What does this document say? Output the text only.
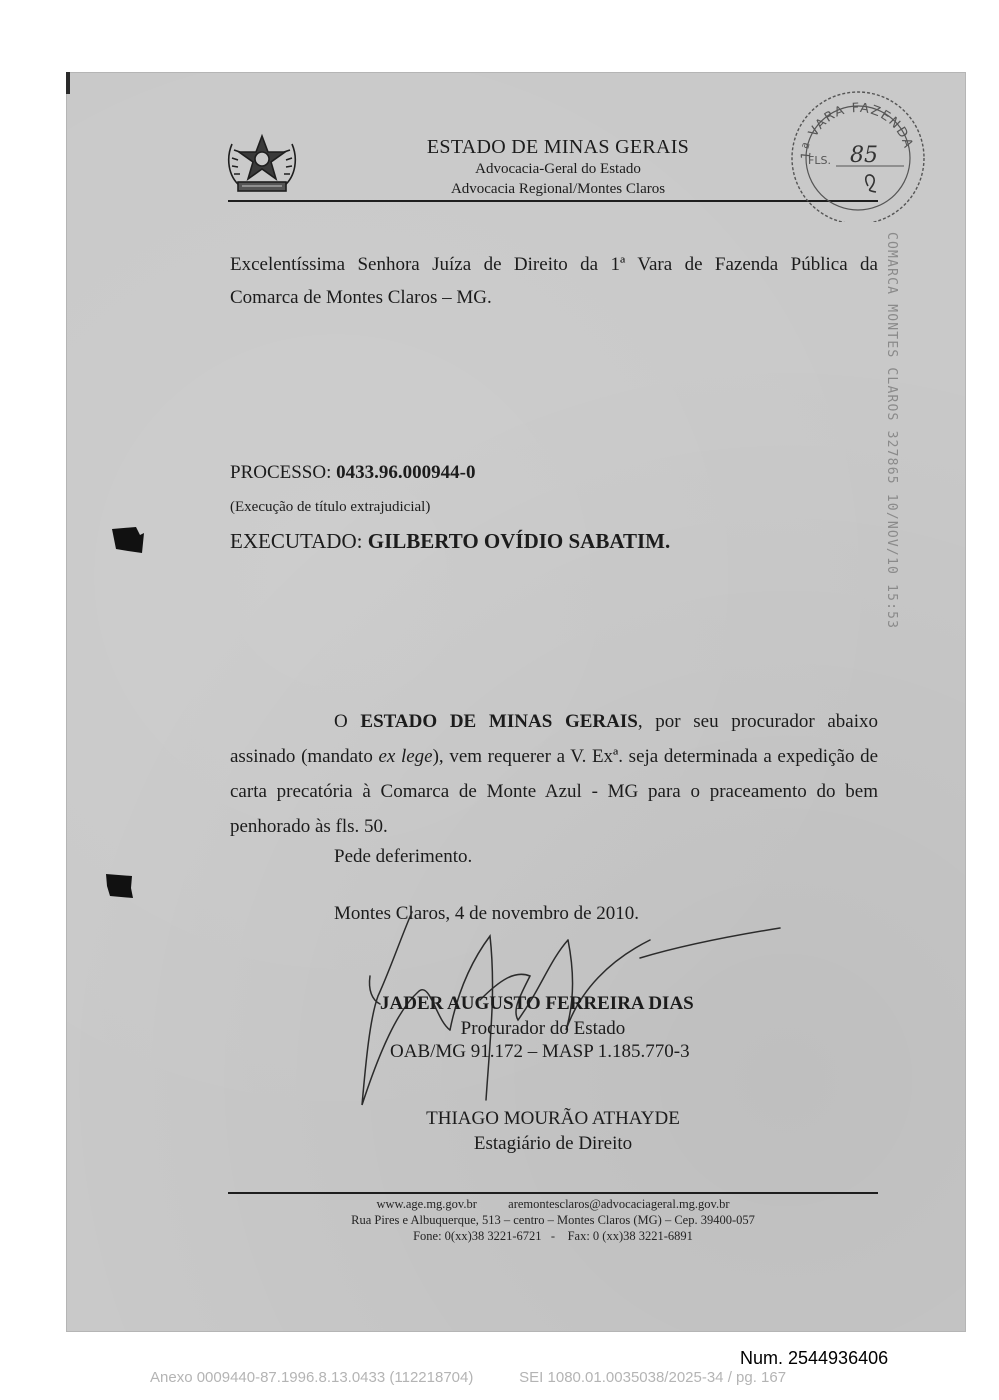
ESTADO DE MINAS GERAIS
Advocacia-Geral do Estado
Advocacia Regional/Montes Claros
1ª VARA FAZENDA
FLS. 85
COMARCA MONTES CLAROS 327865 10/NOV/10 15:53
Excelentíssima Senhora Juíza de Direito da 1ª Vara de Fazenda Pública da
Comarca de Montes Claros – MG.
PROCESSO: 0433.96.000944-0
(Execução de título extrajudicial)
EXECUTADO: GILBERTO OVÍDIO SABATIM.
O ESTADO DE MINAS GERAIS, por seu procurador abaixo assinado (mandato ex lege), vem requerer a V. Exª. seja determinada a expedição de carta precatória à Comarca de Monte Azul - MG para o praceamento do bem penhorado às fls. 50.
Pede deferimento.
Montes Claros, 4 de novembro de 2010.
JADER AUGUSTO FERREIRA DIAS
Procurador do Estado
OAB/MG 91.172 – MASP 1.185.770-3
THIAGO MOURÃO ATHAYDE
Estagiário de Direito
www.age.mg.gov.br          aremontesclaros@advocaciageral.mg.gov.br
Rua Pires e Albuquerque, 513 – centro – Montes Claros (MG) – Cep. 39400-057
Fone: 0(xx)38 3221-6721   -    Fax: 0 (xx)38 3221-6891
Num. 2544936406
Anexo 0009440-87.1996.8.13.0433 (112218704)           SEI 1080.01.0035038/2025-34 / pg. 167
